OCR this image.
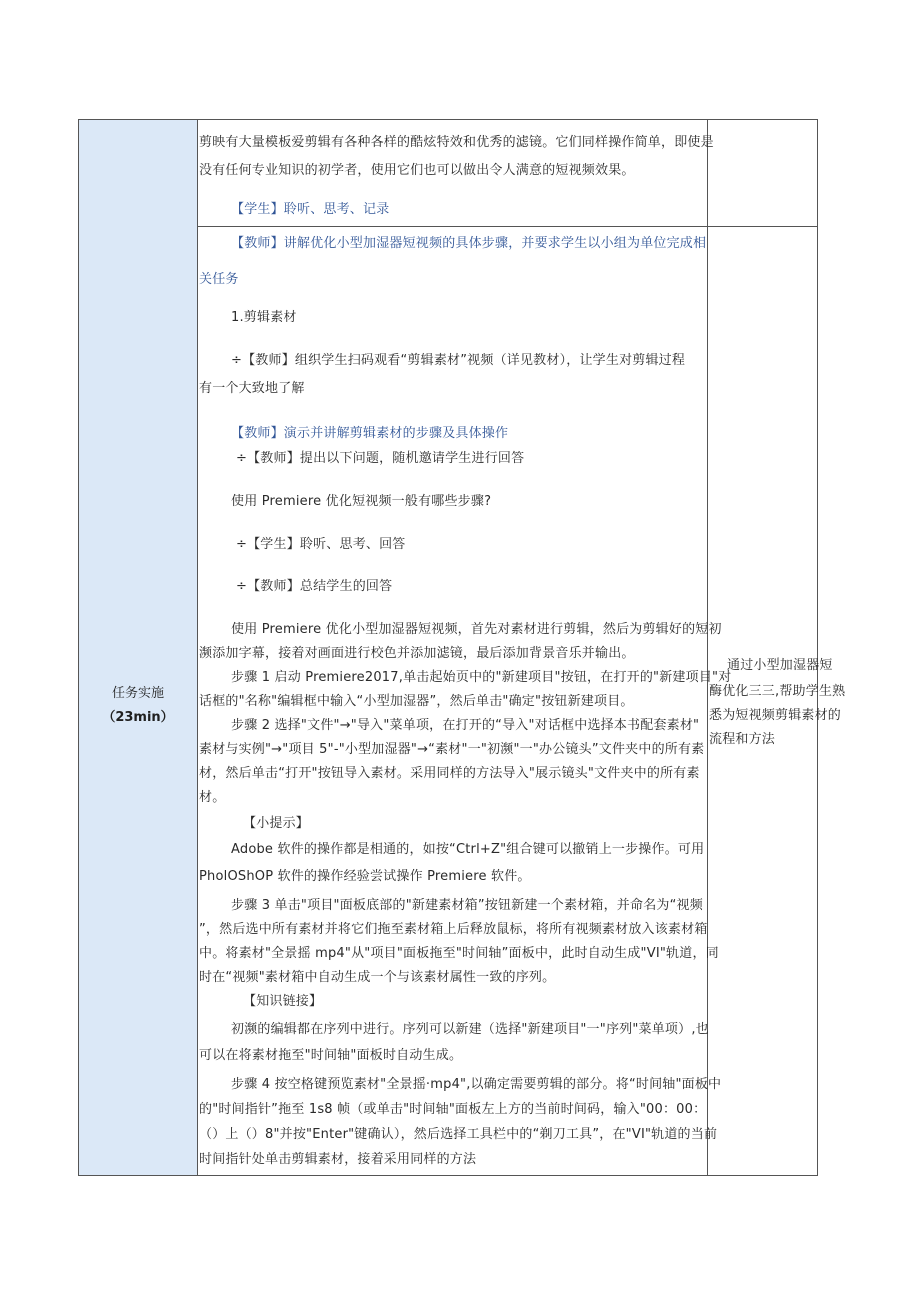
剪映有大量模板爱剪辑有各种各样的酷炫特效和优秀的滤镜。它们同样操作简单，即使是
没有任何专业知识的初学者，使用它们也可以做出令人满意的短视频效果。
【学生】聆听、思考、记录
任务实施
（23min）
通过小型加湿器短
酶优化三三,帮助学生熟
悉为短视频剪辑素材的
流程和方法
【教师】讲解优化小型加湿器短视频的具体步骤，并要求学生以小组为单位完成相
关任务
1.剪辑素材
÷【教师】组织学生扫码观看“剪辑素材”视频（详见教材），让学生对剪辑过程
有一个大致地了解
【教师】演示并讲解剪辑素材的步骤及具体操作
÷【教师】提出以下问题，随机邀请学生进行回答
使用 Premiere 优化短视频一般有哪些步骤?
÷【学生】聆听、思考、回答
÷【教师】总结学生的回答
使用 Premiere 优化小型加湿器短视频，首先对素材进行剪辑，然后为剪辑好的短初
濒添加字幕，接着对画面进行校色并添加滤镜，最后添加背景音乐并输出。
步骤 1 启动 Premiere2017,单击起始页中的"新建项目"按钮，在打开的"新建项目"对
话框的"名称"编辑框中输入“小型加湿器”，然后单击"确定"按钮新建项目。
步骤 2 选择"文件"→"导入"菜单项，在打开的“导入"对话框中选择本书配套素材"
素材与实例"→"项目 5"-"小型加湿器"→“素材"一"初濒"一"办公镜头”文件夹中的所有素
材，然后单击“打开"按钮导入素材。采用同样的方法导入"展示镜头"文件夹中的所有素
材。
【小提示】
Adobe 软件的操作都是相通的，如按“Ctrl+Z"组合键可以撤销上一步操作。可用
PholOShOP 软件的操作经验尝试操作 Premiere 软件。
步骤 3 单击"项目"面板底部的"新建素材箱”按钮新建一个素材箱，并命名为“视频
”，然后选中所有素材并将它们拖至素材箱上后释放鼠标，将所有视频素材放入该素材箱
中。将素材"全景摇 mp4"从"项目"面板拖至"时间轴”面板中，此时自动生成"VI"轨道，同
时在“视频"素材箱中自动生成一个与该素材属性一致的序列。
【知识链接】
初濒的编辑都在序列中进行。序列可以新建（选择"新建项目"一"序列"菜单项）,也
可以在将素材拖至"时间轴"面板时自动生成。
步骤 4 按空格键预览素材"全景摇·mp4",以确定需要剪辑的部分。将“时间轴"面板中
的"时间指针”拖至 1s8 帧（或单击"时间轴"面板左上方的当前时间码，输入"00：00：
（）上（）8"并按"Enter"键确认），然后选择工具栏中的“剃刀工具”，在"VI"轨道的当前
时间指针处单击剪辑素材，接着采用同样的方法
